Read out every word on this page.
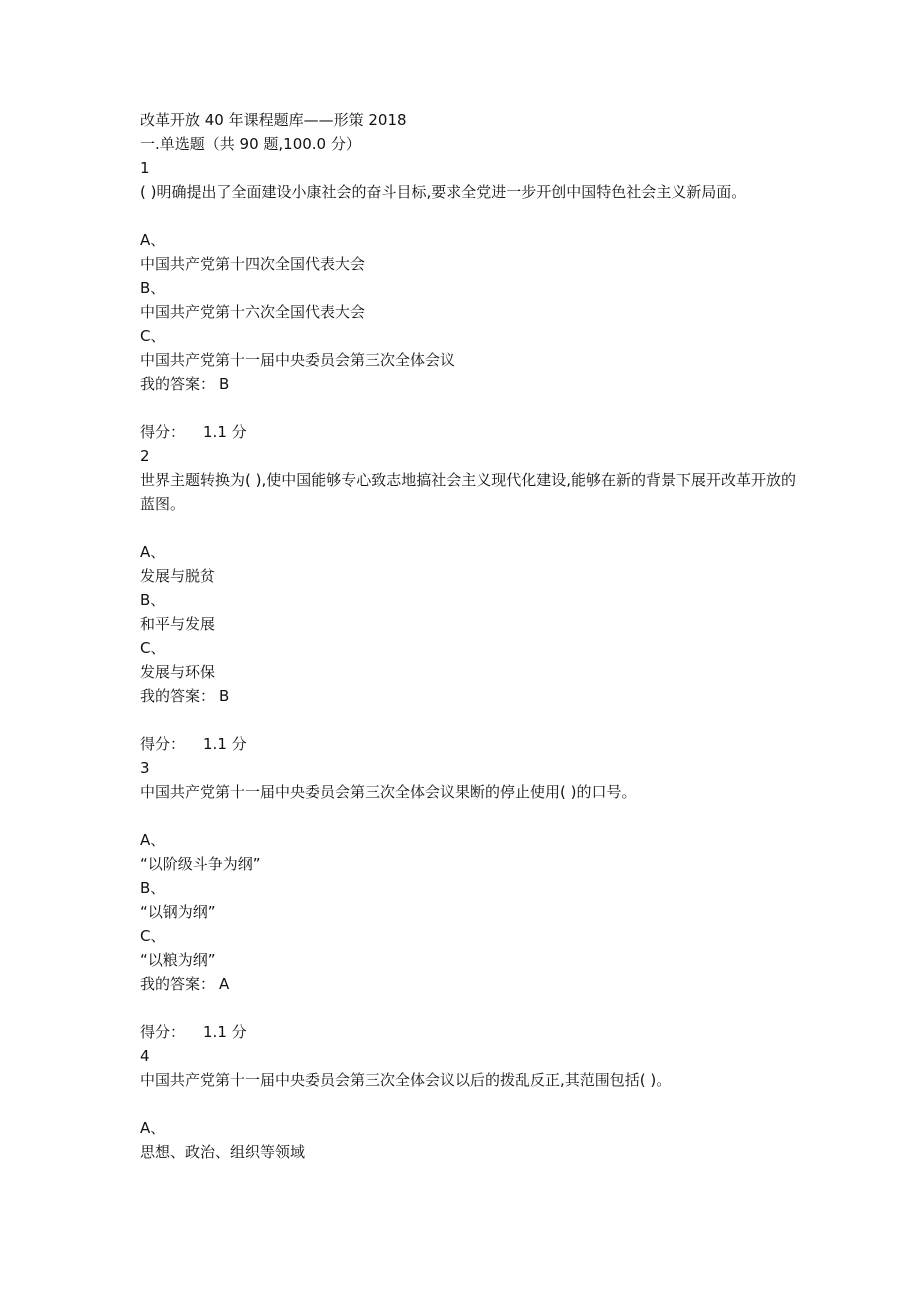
改革开放 40 年课程题库——形策 2018
一.单选题（共 90 题,100.0 分）
1
( )明确提出了全面建设小康社会的奋斗目标,要求全党进一步开创中国特色社会主义新局面。
A、
中国共产党第十四次全国代表大会
B、
中国共产党第十六次全国代表大会
C、
中国共产党第十一届中央委员会第三次全体会议
我的答案： B
得分： 1.1 分
2
世界主题转换为( ),使中国能够专心致志地搞社会主义现代化建设,能够在新的背景下展开改革开放的蓝图。
A、
发展与脱贫
B、
和平与发展
C、
发展与环保
我的答案： B
得分： 1.1 分
3
中国共产党第十一届中央委员会第三次全体会议果断的停止使用( )的口号。
A、
“以阶级斗争为纲”
B、
“以钢为纲”
C、
“以粮为纲”
我的答案： A
得分： 1.1 分
4
中国共产党第十一届中央委员会第三次全体会议以后的拨乱反正,其范围包括( )。
A、
思想、政治、组织等领域
